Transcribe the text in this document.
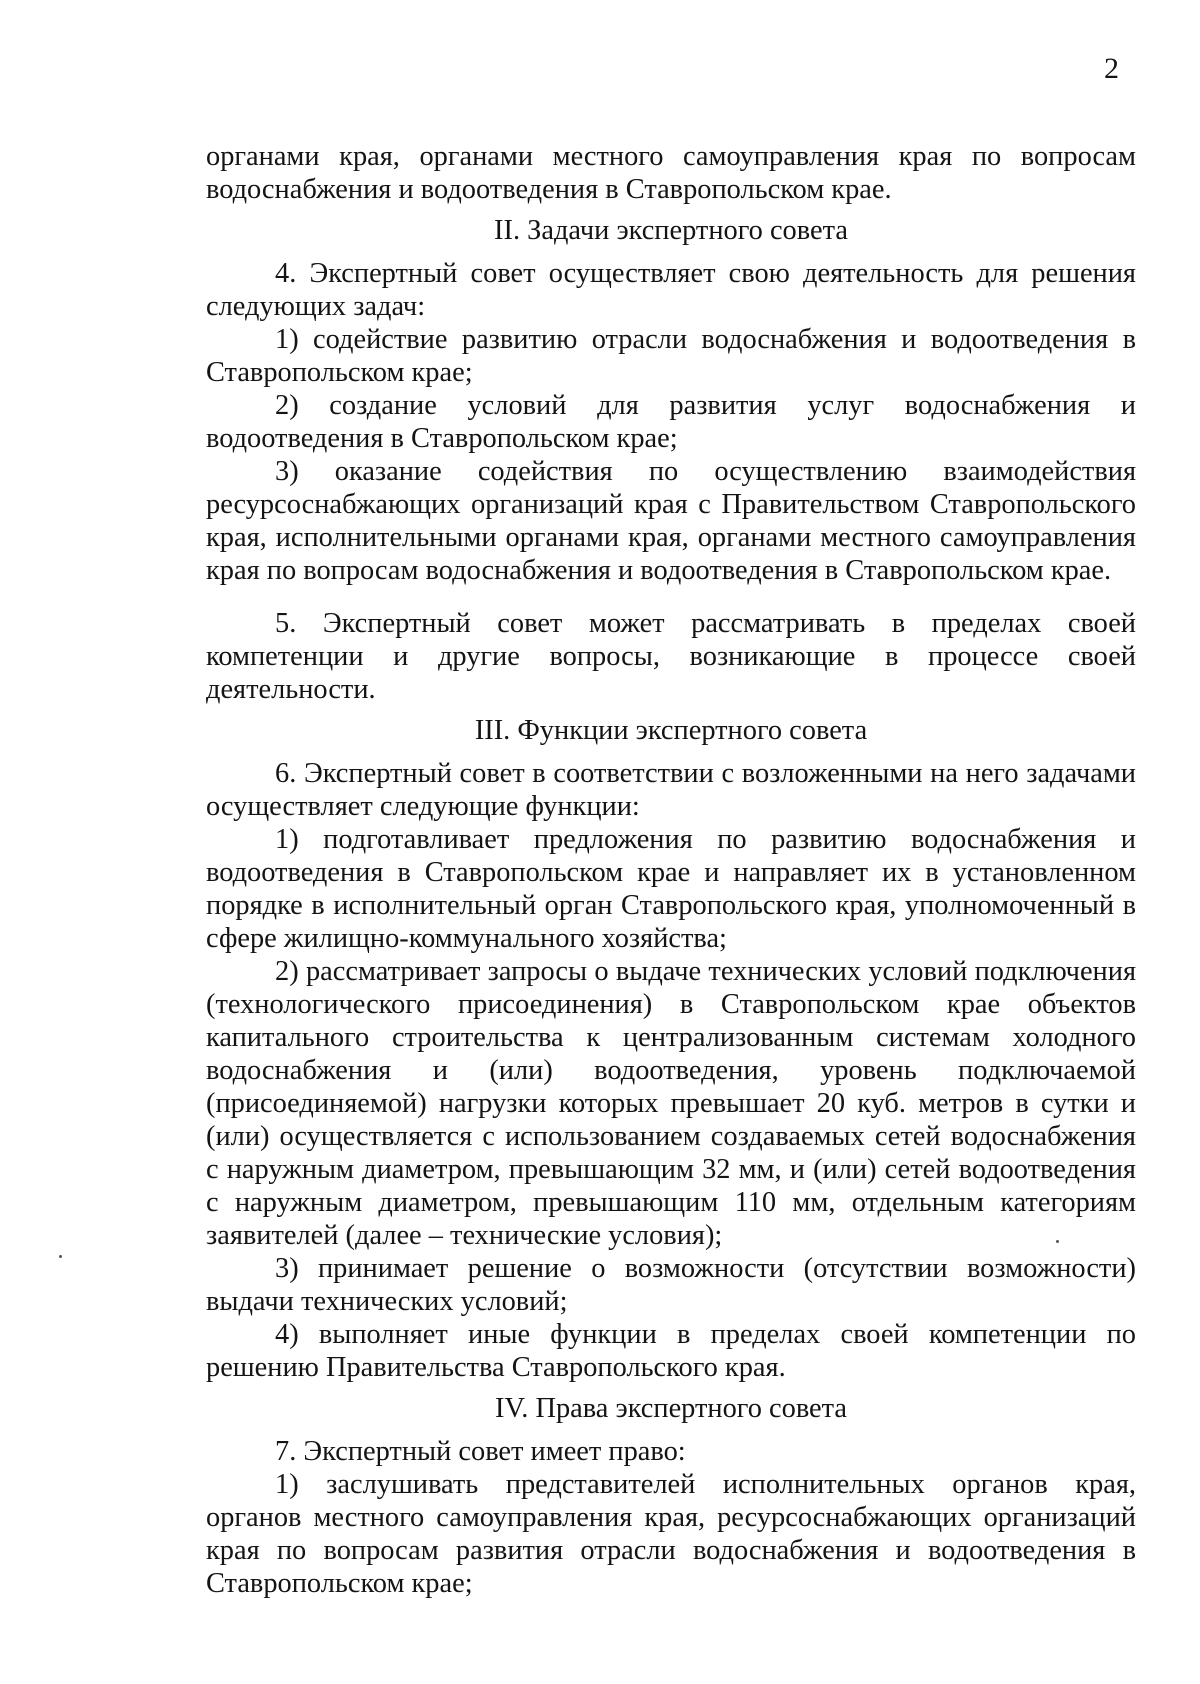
2

органами края, органами местного самоуправления края по вопросам водоснабжения и водоотведения в Ставропольском крае.

II. Задачи экспертного совета

4. Экспертный совет осуществляет свою деятельность для решения следующих задач:

1) содействие развитию отрасли водоснабжения и водоотведения в Ставропольском крае;

2) создание условий для развития услуг водоснабжения и водоотведения в Ставропольском крае;

3) оказание содействия по осуществлению взаимодействия ресурсоснабжающих организаций края с Правительством Ставропольского края, исполнительными органами края, органами местного самоуправления края по вопросам водоснабжения и водоотведения в Ставропольском крае.

5. Экспертный совет может рассматривать в пределах своей компетенции и другие вопросы, возникающие в процессе своей деятельности.

III. Функции экспертного совета

6. Экспертный совет в соответствии с возложенными на него задачами осуществляет следующие функции:

1) подготавливает предложения по развитию водоснабжения и водоотведения в Ставропольском крае и направляет их в установленном порядке в исполнительный орган Ставропольского края, уполномоченный в сфере жилищно-коммунального хозяйства;

2) рассматривает запросы о выдаче технических условий подключения (технологического присоединения) в Ставропольском крае объектов капитального строительства к централизованным системам холодного водоснабжения и (или) водоотведения, уровень подключаемой (присоединяемой) нагрузки которых превышает 20 куб. метров в сутки и (или) осуществляется с использованием создаваемых сетей водоснабжения с наружным диаметром, превышающим 32 мм, и (или) сетей водоотведения с наружным диаметром, превышающим 110 мм, отдельным категориям заявителей (далее – технические условия);

3) принимает решение о возможности (отсутствии возможности) выдачи технических условий;

4) выполняет иные функции в пределах своей компетенции по решению Правительства Ставропольского края.

IV. Права экспертного совета

7. Экспертный совет имеет право:

1) заслушивать представителей исполнительных органов края, органов местного самоуправления края, ресурсоснабжающих организаций края по вопросам развития отрасли водоснабжения и водоотведения в Ставропольском крае;
